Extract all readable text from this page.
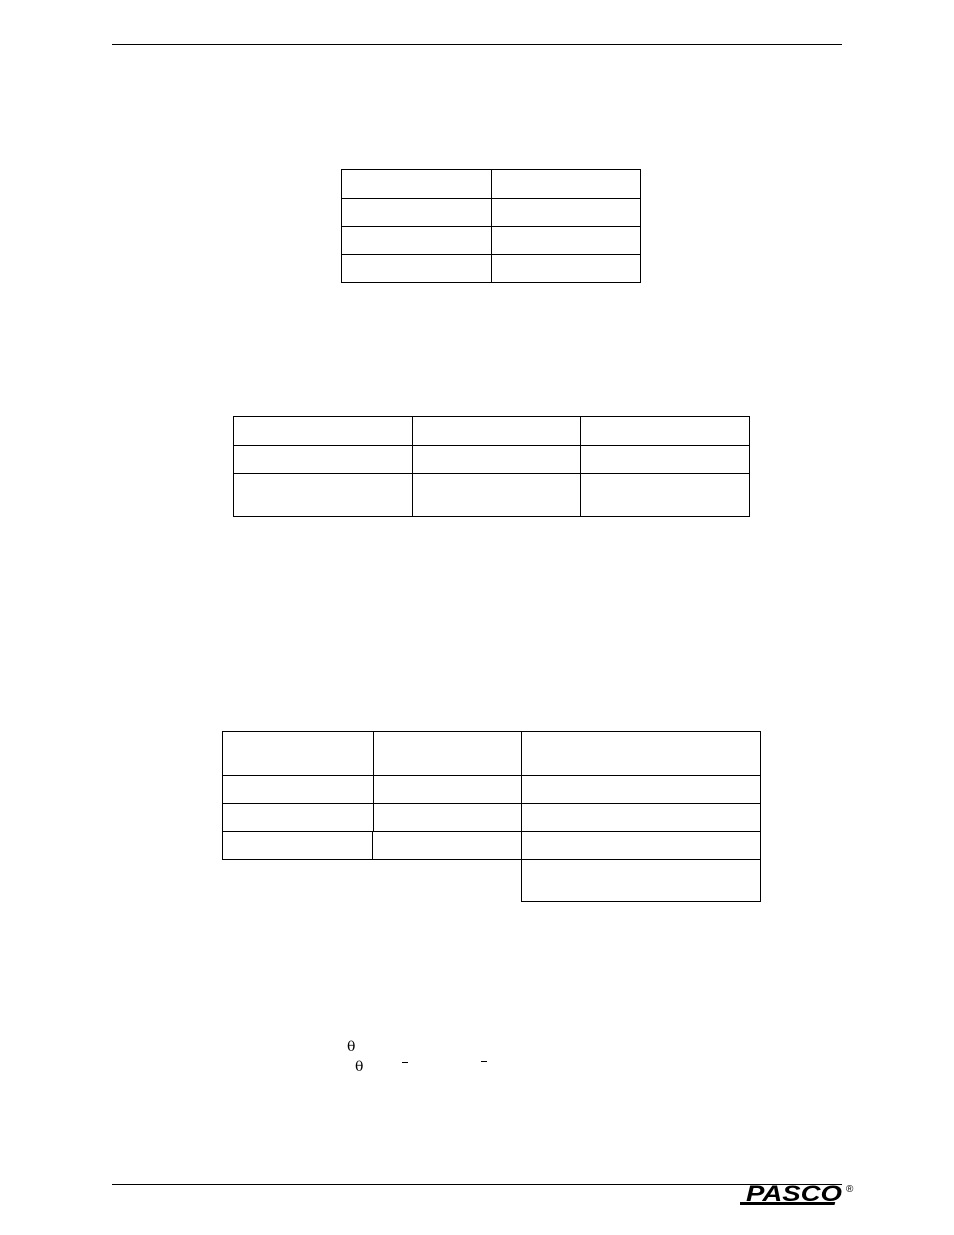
θ
θ
PASCO ®
